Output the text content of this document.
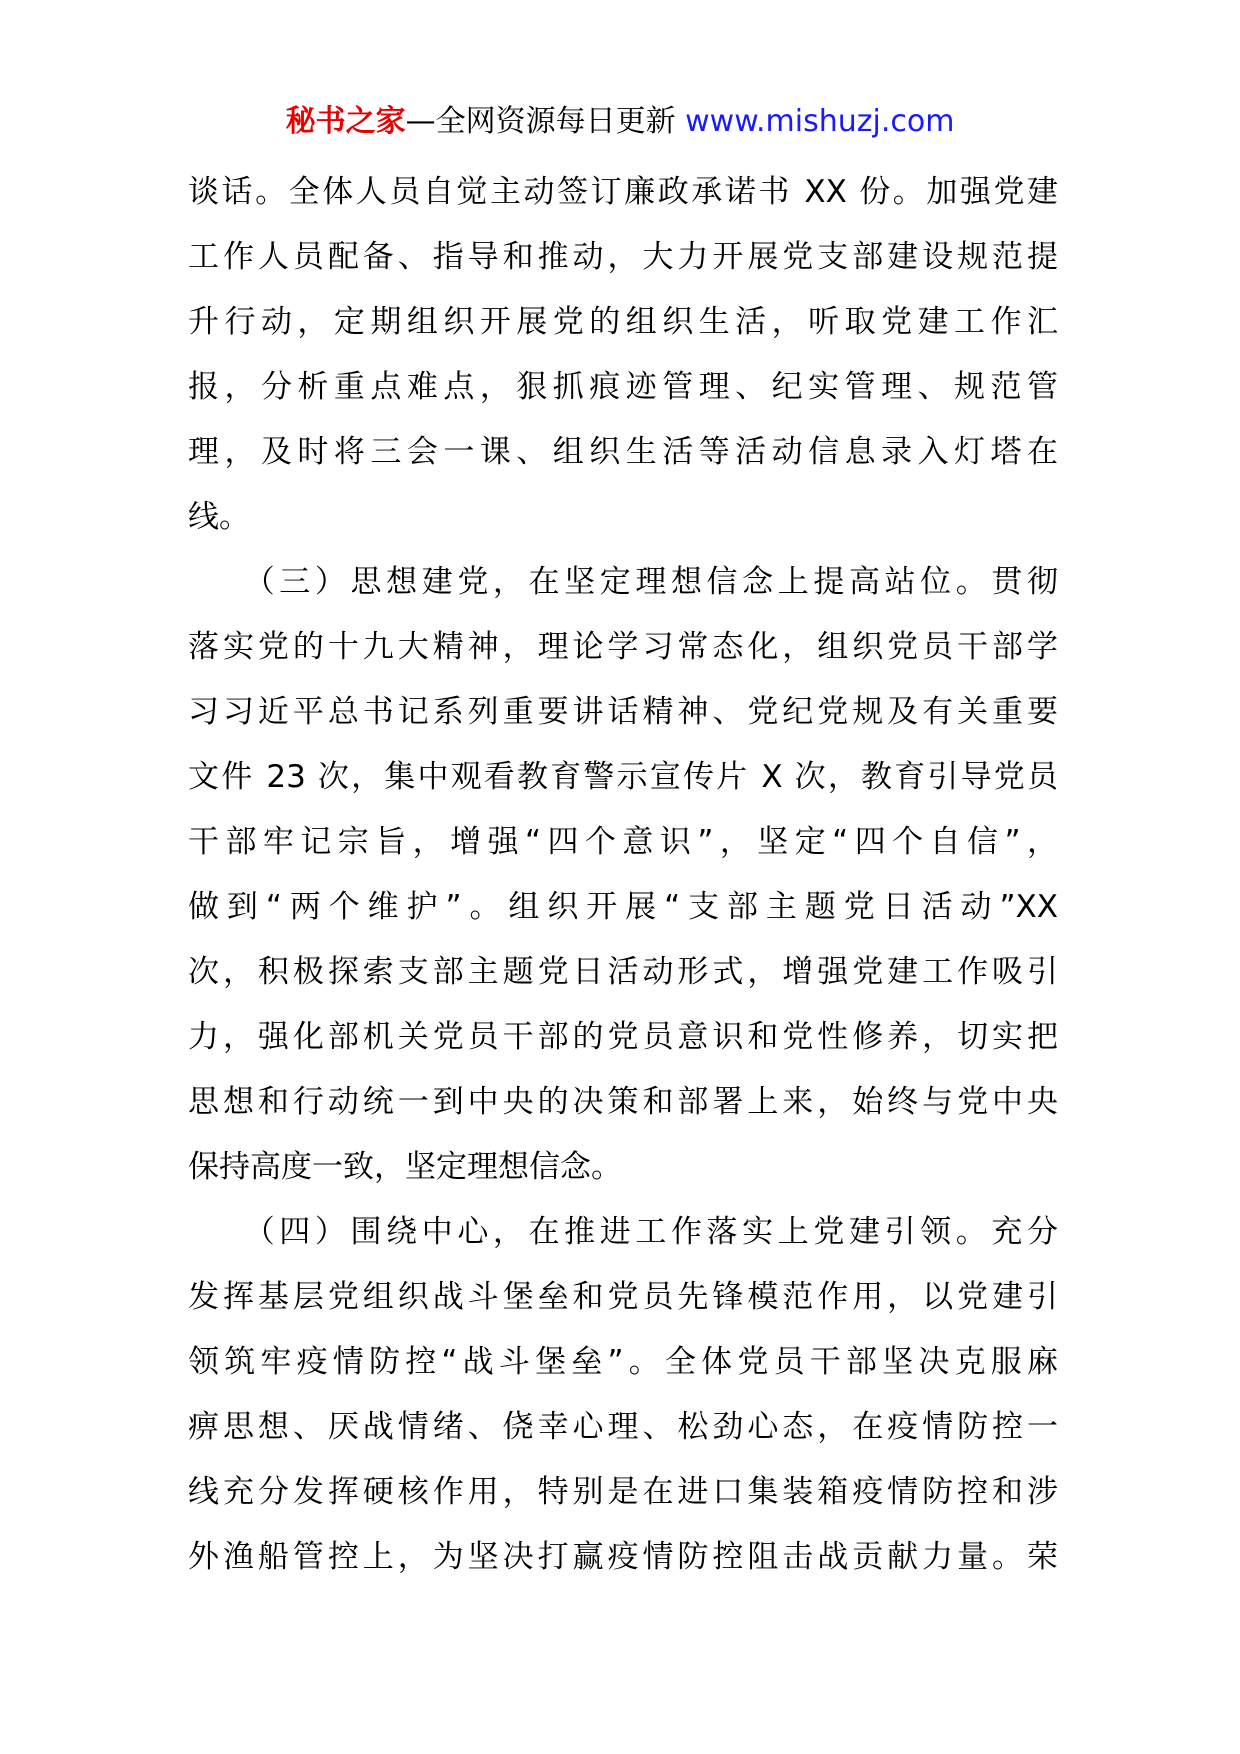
秘书之家—全网资源每日更新 www.mishuzj.com
谈话。全体人员自觉主动签订廉政承诺书 XX 份。加强党建
工作人员配备、指导和推动，大力开展党支部建设规范提
升行动，定期组织开展党的组织生活，听取党建工作汇
报，分析重点难点，狠抓痕迹管理、纪实管理、规范管
理，及时将三会一课、组织生活等活动信息录入灯塔在
线。
　　（三）思想建党，在坚定理想信念上提高站位。贯彻
落实党的十九大精神，理论学习常态化，组织党员干部学
习习近平总书记系列重要讲话精神、党纪党规及有关重要
文件 23 次，集中观看教育警示宣传片 X 次，教育引导党员
干部牢记宗旨，增强“四个意识”，坚定“四个自信”，
做到“两个维护”。组织开展“支部主题党日活动”XX
次，积极探索支部主题党日活动形式，增强党建工作吸引
力，强化部机关党员干部的党员意识和党性修养，切实把
思想和行动统一到中央的决策和部署上来，始终与党中央
保持高度一致，坚定理想信念。
　　（四）围绕中心，在推进工作落实上党建引领。充分
发挥基层党组织战斗堡垒和党员先锋模范作用，以党建引
领筑牢疫情防控“战斗堡垒”。全体党员干部坚决克服麻
痹思想、厌战情绪、侥幸心理、松劲心态，在疫情防控一
线充分发挥硬核作用，特别是在进口集装箱疫情防控和涉
外渔船管控上，为坚决打赢疫情防控阻击战贡献力量。荣
